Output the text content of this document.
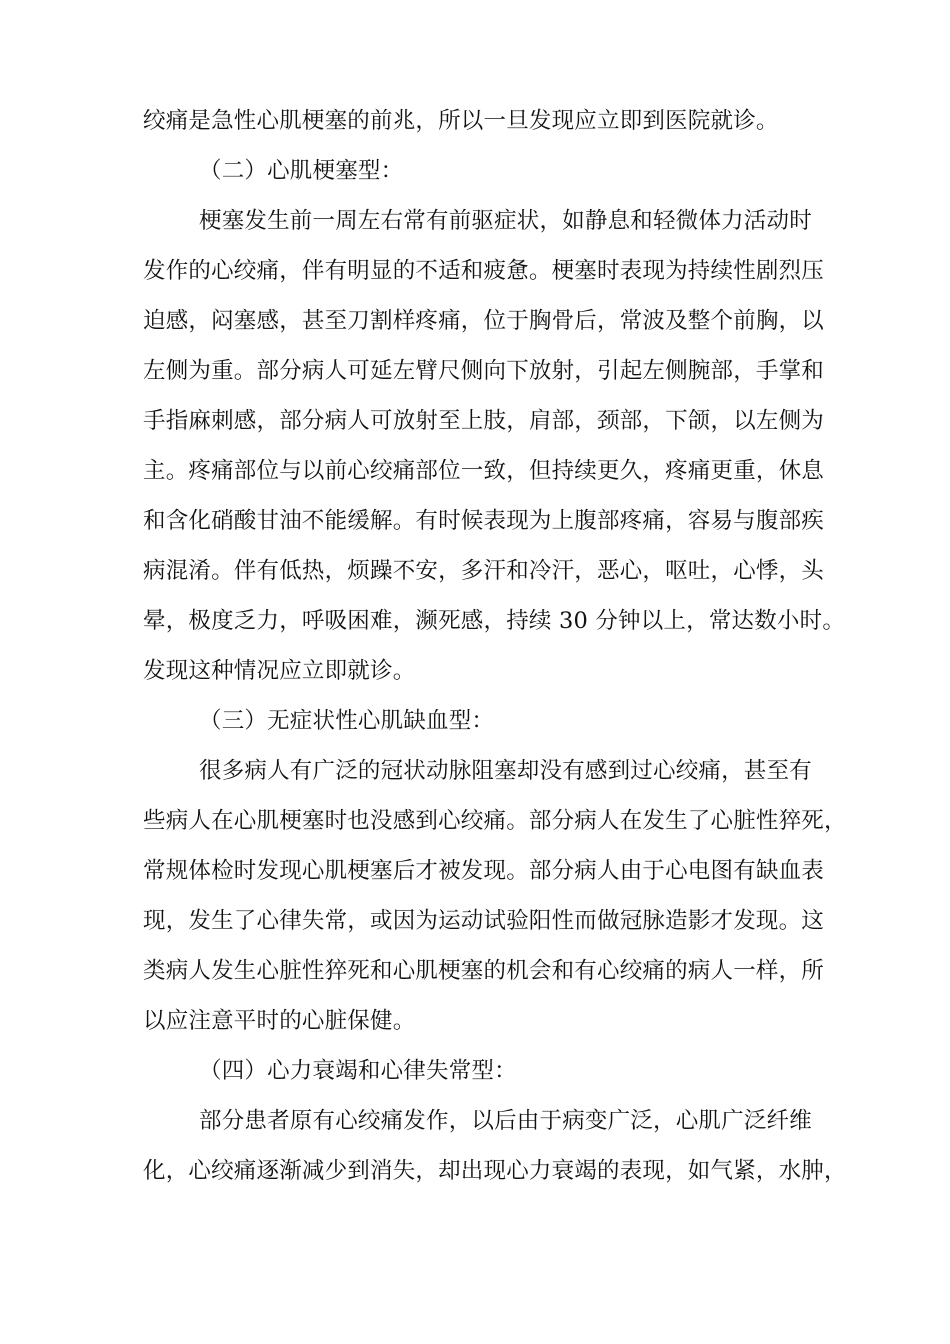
绞痛是急性心肌梗塞的前兆，所以一旦发现应立即到医院就诊。
（二）心肌梗塞型：
梗塞发生前一周左右常有前驱症状，如静息和轻微体力活动时
发作的心绞痛，伴有明显的不适和疲惫。梗塞时表现为持续性剧烈压
迫感，闷塞感，甚至刀割样疼痛，位于胸骨后，常波及整个前胸，以
左侧为重。部分病人可延左臂尺侧向下放射，引起左侧腕部，手掌和
手指麻刺感，部分病人可放射至上肢，肩部，颈部，下颌，以左侧为
主。疼痛部位与以前心绞痛部位一致，但持续更久，疼痛更重，休息
和含化硝酸甘油不能缓解。有时候表现为上腹部疼痛，容易与腹部疾
病混淆。伴有低热，烦躁不安，多汗和冷汗，恶心，呕吐，心悸，头
晕，极度乏力，呼吸困难，濒死感，持续 30 分钟以上，常达数小时。
发现这种情况应立即就诊。
（三）无症状性心肌缺血型：
很多病人有广泛的冠状动脉阻塞却没有感到过心绞痛，甚至有
些病人在心肌梗塞时也没感到心绞痛。部分病人在发生了心脏性猝死，
常规体检时发现心肌梗塞后才被发现。部分病人由于心电图有缺血表
现，发生了心律失常，或因为运动试验阳性而做冠脉造影才发现。这
类病人发生心脏性猝死和心肌梗塞的机会和有心绞痛的病人一样，所
以应注意平时的心脏保健。
（四）心力衰竭和心律失常型：
部分患者原有心绞痛发作，以后由于病变广泛，心肌广泛纤维
化，心绞痛逐渐减少到消失，却出现心力衰竭的表现，如气紧，水肿，
